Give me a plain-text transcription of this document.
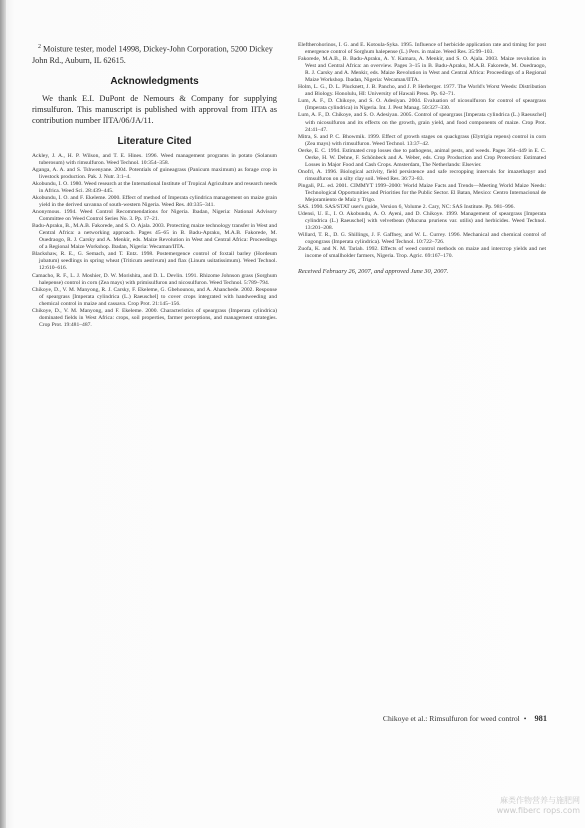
$^2$ Moisture tester, model 14998, Dickey-John Corporation, 5200 Dickey John Rd., Auburn, IL 62615.

Acknowledgments

We thank E.I. DuPont de Nemours & Company for supplying rimsulfuron. This manuscript is published with approval from IITA as contribution number IITA/06/JA/11.

Literature Cited

Ackley, J. A., H. P. Wilson, and T. E. Hines. 1996. Weed management programs in potato (Solanum tuberosum) with rimsulfuron. Weed Technol. 10:354–358.

Aganga, A. A. and S. Tshwenyane. 2004. Potentials of guineagrass (Panicum maximum) as forage crop in livestock production. Pak. J. Nutr. 3:1–4.

Akobundu, I. O. 1980. Weed research at the International Institute of Tropical Agriculture and research needs in Africa. Weed Sci. 28:439–445.

Akobundu, I. O. and F. Ekeleme. 2000. Effect of method of Imperata cylindrica management on maize grain yield in the derived savanna of south-western Nigeria. Weed Res. 40:335–341.

Anonymous. 1994. Weed Control Recommendations for Nigeria. Ibadan, Nigeria: National Advisory Committee on Weed Control Series No. 3. Pp. 17–21.

Badu-Apraku, B., M.A.B. Fakorede, and S. O. Ajala. 2003. Protecting maize technology transfer in West and Central Africa: a networking approach. Pages 45–65 in B. Badu-Apraku, M.A.B. Fakorede, M. Ouedraogo, R. J. Carsky and A. Menkir, eds. Maize Revolution in West and Central Africa: Proceedings of a Regional Maize Workshop. Ibadan, Nigeria: Wecaman/IITA.

Blackshaw, R. E., G. Semach, and T. Entz. 1998. Postemergence control of foxtail barley (Hordeum jubatum) seedlings in spring wheat (Triticum aestivum) and flax (Linum usitatissimum). Weed Technol. 12:610–616.

Camacho, R. F., L. J. Moshier, D. W. Morishita, and D. L. Devlin. 1991. Rhizome Johnson grass (Sorghum halepense) control in corn (Zea mays) with primisulfuron and nicosulfuron. Weed Technol. 5:789–794.

Chikoye, D., V. M. Manyong, R. J. Carsky, F. Ekeleme, G. Gbehounou, and A. Ahanchede. 2002. Response of speargrass [Imperata cylindrica (L.) Raeuschel] to cover crops integrated with handweeding and chemical control in maize and cassava. Crop Prot. 21:145–156.

Chikoye, D., V. M. Manyong, and F. Ekeleme. 2000. Characteristics of speargrass (Imperata cylindrica) dominated fields in West Africa: crops, soil properties, farmer perceptions, and management strategies. Crop Prot. 19:481–487.

Eleftherohorinos, I. G. and E. Kotoula-Syka. 1995. Influence of herbicide application rate and timing for post emergence control of Sorghum halepense (L.) Pers. in maize. Weed Res. 35:99–103.

Fakorede, M.A.B., B. Badu-Apraku, A. Y. Kamara, A. Menkir, and S. O. Ajala. 2003. Maize revolution in West and Central Africa: an overview. Pages 3–15 in B. Badu-Apraku, M.A.B. Fakorede, M. Ouedraogo, R. J. Carsky and A. Menkir, eds. Maize Revolution in West and Central Africa: Proceedings of a Regional Maize Workshop. Ibadan, Nigeria: Wecaman/IITA.

Holm, L. G., D. L. Plucknett, J. B. Pancho, and J. P. Herberger. 1977. The World's Worst Weeds: Distribution and Biology. Honolulu, HI: University of Hawaii Press. Pp. 62–71.

Lum, A. F., D. Chikoye, and S. O. Adesiyan. 2004. Evaluation of nicosulfuron for control of speargrass (Imperata cylindrica) in Nigeria. Int. J. Pest Manag. 50:327–330.

Lum, A. F., D. Chikoye, and S. O. Adesiyan. 2005. Control of speargrass [Imperata cylindrica (L.) Raeuschel] with nicosulfuron and its effects on the growth, grain yield, and food components of maize. Crop Prot. 24:41–47.

Mitra, S. and P. C. Bhowmik. 1999. Effect of growth stages on quackgrass (Elytrigia repens) control in corn (Zea mays) with rimsulfuron. Weed Technol. 13:37–42.

Oerke, E. C. 1994. Estimated crop losses due to pathogens, animal pests, and weeds. Pages 364–449 in E. C. Oerke, H. W. Dehne, F. Schönbeck and A. Weber, eds. Crop Production and Crop Protection: Estimated Losses in Major Food and Cash Crops. Amsterdam, The Netherlands: Elsevier.

Onofri, A. 1996. Biological activity, field persistence and safe recropping intervals for imazethapyr and rimsulfuron on a silty clay soil. Weed Res. 36:73–83.

Pingali, P.L. ed. 2001. CIMMYT 1999–2000: World Maize Facts and Trends—Meeting World Maize Needs: Technological Opportunities and Priorities for the Public Sector. El Batan, Mexico: Centro Internacional de Mejoramiento de Maíz y Trigo.

SAS. 1990. SAS/STAT user's guide, Version 6, Volume 2. Cary, NC: SAS Institute. Pp. 981–996.

Udensi, U. E., I. O. Akobundu, A. O. Ayeni, and D. Chikoye. 1999. Management of speargrass [Imperata cylindrica (L.) Raeuschel] with velvetbean (Mucuna pruriens var. utilis) and herbicides. Weed Technol. 13:201–208.

Willard, T. R., D. G. Shillings, J. F. Gaffney, and W. L. Currey. 1996. Mechanical and chemical control of cogongrass (Imperata cylindrica). Weed Technol. 10:722–726.

Zuofa, K. and N. M. Tariah. 1992. Effects of weed control methods on maize and intercrop yields and net income of smallholder farmers, Nigeria. Trop. Agric. 69:167–170.

Received February 26, 2007, and approved June 30, 2007.
Chikoye et al.: Rimsulfuron for weed control • 981
麻类作物营养与施肥网
www.fiberc rops.com
